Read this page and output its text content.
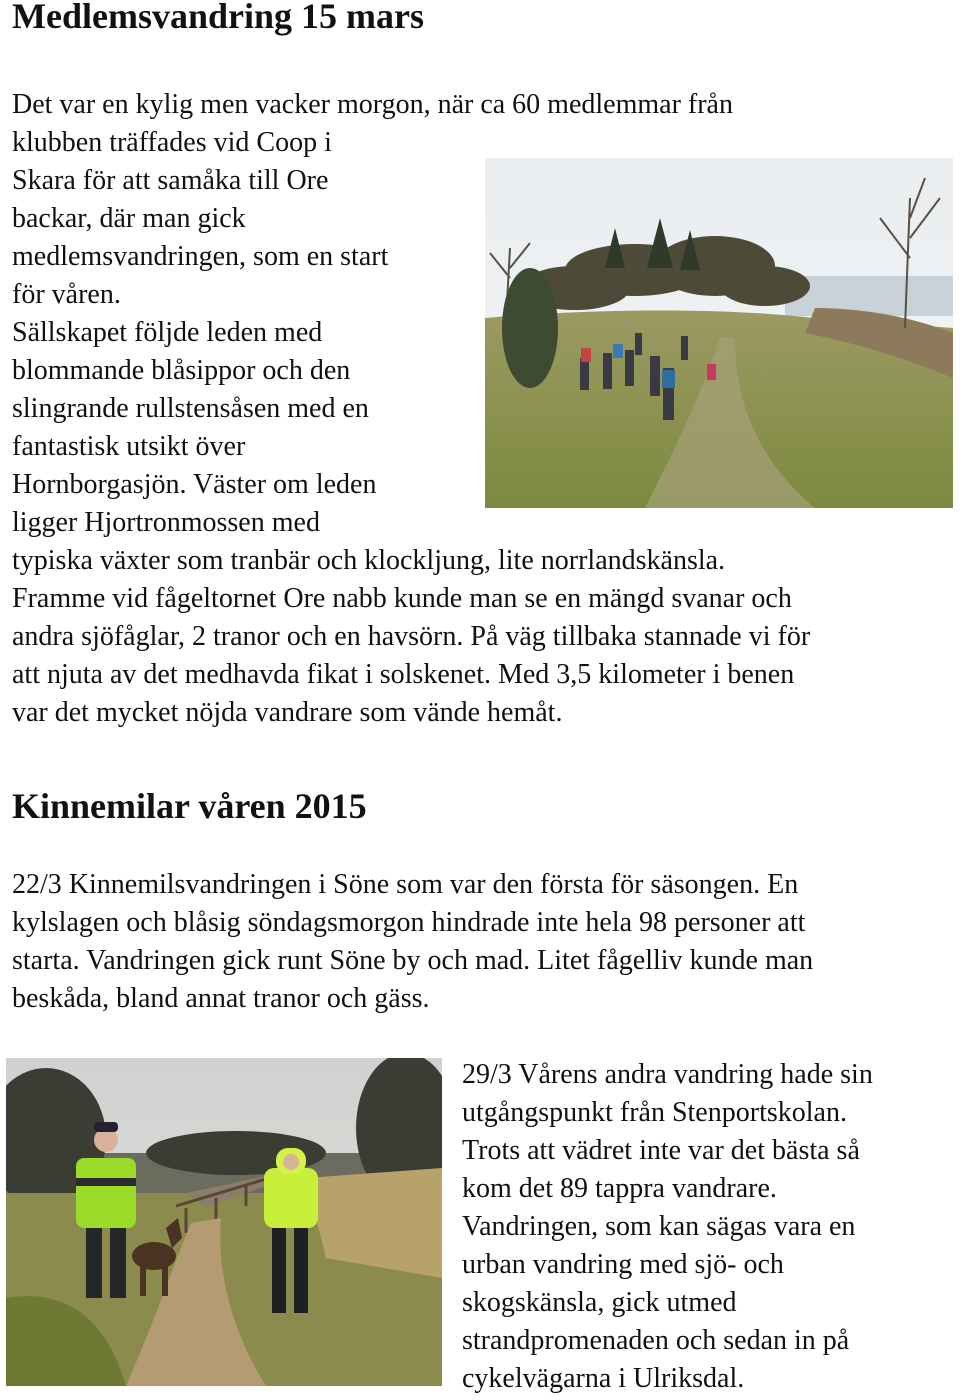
Medlemsvandring 15 mars

Det var en kylig men vacker morgon, när ca 60 medlemmar från

klubben träffades vid Coop i

Skara för att samåka till Ore

backar, där man gick

medlemsvandringen, som en start

för våren.

Sällskapet följde leden med

blommande blåsippor och den

slingrande rullstensåsen med en

fantastisk utsikt över

Hornborgasjön. Väster om leden

ligger Hjortronmossen med

typiska växter som tranbär och klockljung, lite norrlandskänsla.

Framme vid fågeltornet Ore nabb kunde man se en mängd svanar och

andra sjöfåglar, 2 tranor och en havsörn. På väg tillbaka stannade vi för

att njuta av det medhavda fikat i solskenet. Med 3,5 kilometer i benen

var det mycket nöjda vandrare som vände hemåt.

Kinnemilar våren 2015

22/3 Kinnemilsvandringen i Söne som var den första för säsongen. En

kylslagen och blåsig söndagsmorgon hindrade inte hela 98 personer att

starta. Vandringen gick runt Söne by och mad. Litet fågelliv kunde man

beskåda, bland annat tranor och gäss.

29/3 Vårens andra vandring hade sin

utgångspunkt från Stenportskolan.

Trots att vädret inte var det bästa så

kom det 89 tappra vandrare.

Vandringen, som kan sägas vara en

urban vandring med sjö- och

skogskänsla, gick utmed

strandpromenaden och sedan in på

cykelvägarna i Ulriksdal.
